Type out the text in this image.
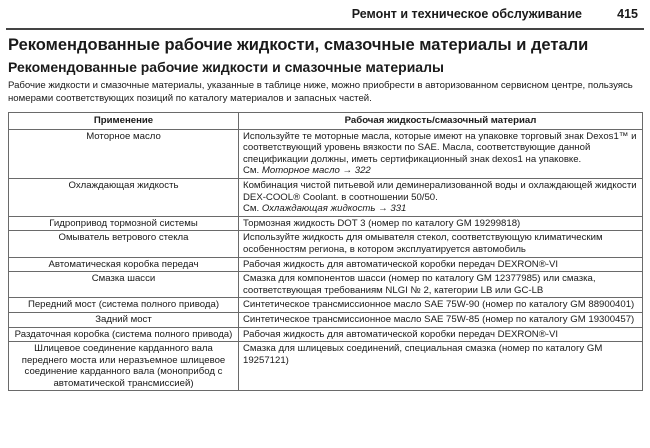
Ремонт и техническое обслуживание	415
Рекомендованные рабочие жидкости, смазочные материалы и детали
Рекомендованные рабочие жидкости и смазочные материалы
Рабочие жидкости и смазочные материалы, указанные в таблице ниже, можно приобрести в авторизованном сервисном центре, пользуясь номерами соответствующих позиций по каталогу материалов и запасных частей.
Применение	Рабочая жидкость/смазочный материал
Моторное масло	Используйте те моторные масла, которые имеют на упаковке торговый знак Dexos1™ и соответствующий уровень вязкости по SAE. Масла, соответствующие данной спецификации должны, иметь сертификационный знак dexos1 на упаковке.
См. Моторное масло → 322
Охлаждающая жидкость	Комбинация чистой питьевой или деминерализованной воды и охлаждающей жидкости DEX-COOL® Coolant. в соотношении 50/50.
См. Охлаждающая жидкость → 331
Гидропривод тормозной системы	Тормозная жидкость DOT 3 (номер по каталогу GM 19299818)
Омыватель ветрового стекла	Используйте жидкость для омывателя стекол, соответствующую климатическим особенностям региона, в котором эксплуатируется автомобиль
Автоматическая коробка передач	Рабочая жидкость для автоматической коробки передач DEXRON®-VI
Смазка шасси	Смазка для компонентов шасси (номер по каталогу GM 12377985) или смазка, соответствующая требованиям NLGI № 2, категории LB или GC-LB
Передний мост (система полного привода)	Синтетическое трансмиссионное масло SAE 75W-90 (номер по каталогу GM 88900401)
Задний мост	Синтетическое трансмиссионное масло SAE 75W-85 (номер по каталогу GM 19300457)
Раздаточная коробка (система полного привода)	Рабочая жидкость для автоматической коробки передач DEXRON®-VI
Шлицевое соединение карданного вала переднего моста или неразъемное шлицевое соединение карданного вала (моноприбод с автоматической трансмиссией)	Смазка для шлицевых соединений, специальная смазка (номер по каталогу GM 19257121)
